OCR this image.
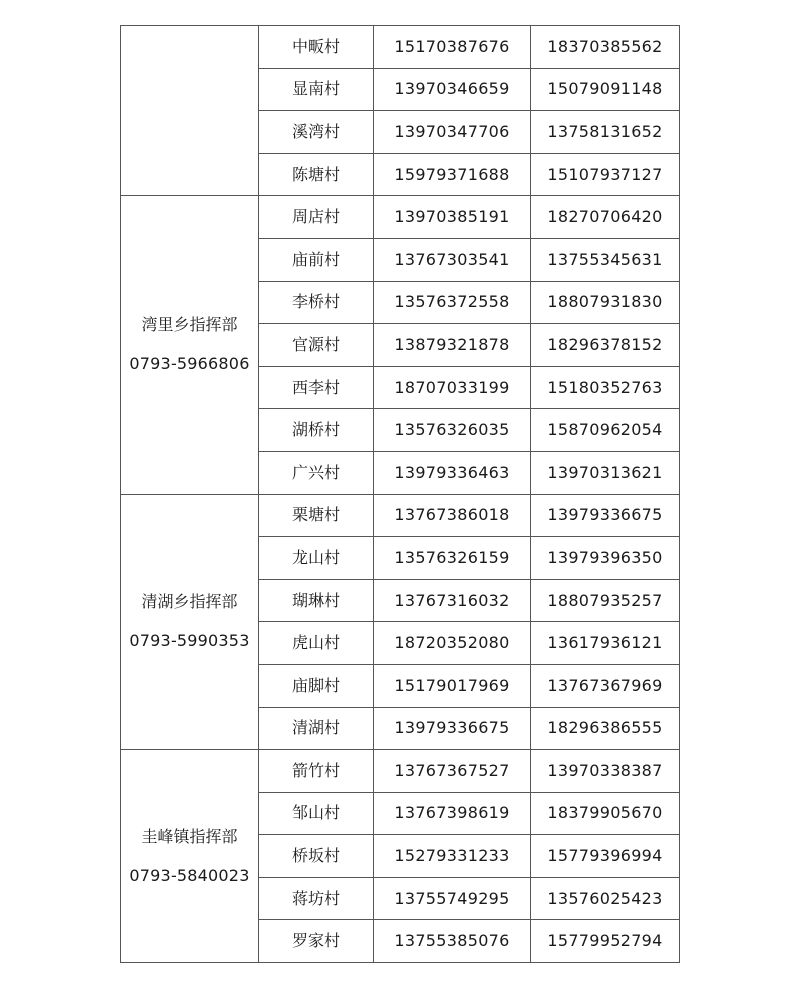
	中畈村	15170387676	18370385562
	显南村	13970346659	15079091148
	溪湾村	13970347706	13758131652
	陈塘村	15979371688	15107937127

湾里乡指挥部
0793-5966806	周店村	13970385191	18270706420
	庙前村	13767303541	13755345631
	李桥村	13576372558	18807931830
	官源村	13879321878	18296378152
	西李村	18707033199	15180352763
	湖桥村	13576326035	15870962054
	广兴村	13979336463	13970313621

清湖乡指挥部
0793-5990353	栗塘村	13767386018	13979336675
	龙山村	13576326159	13979396350
	瑚琳村	13767316032	18807935257
	虎山村	18720352080	13617936121
	庙脚村	15179017969	13767367969
	清湖村	13979336675	18296386555

圭峰镇指挥部
0793-5840023	箭竹村	13767367527	13970338387
	邹山村	13767398619	18379905670
	桥坂村	15279331233	15779396994
	蒋坊村	13755749295	13576025423
	罗家村	13755385076	15779952794
